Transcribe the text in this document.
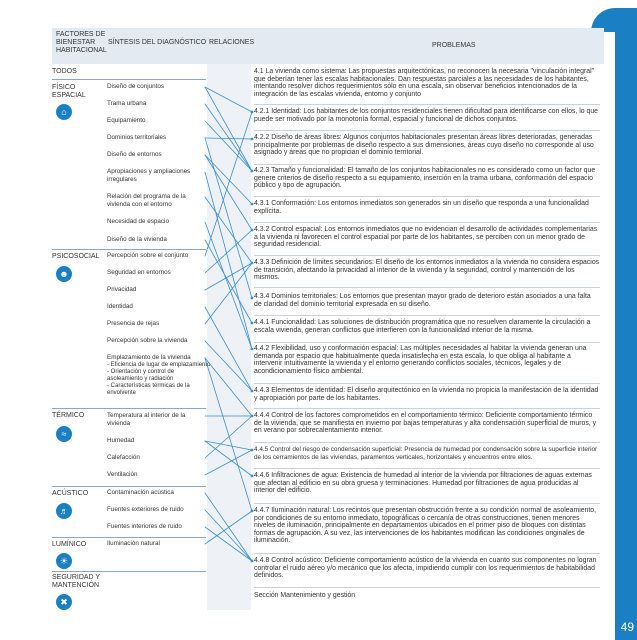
49
FACTORES DE
BIENESTAR
HABITACIONAL
SÍNTESIS DEL DIAGNÓSTICO RELACIONES	PROBLEMAS
TODOS
FÍSICO
ESPACIAL
⌂
PSICOSOCIAL
☻
TÉRMICO
≈
ACÚSTICO
♬
LUMÍNICO
☀
SEGURIDAD Y
MANTENCIÓN
✖
Diseño de conjuntos
Trama urbana
Equipamiento
Dominios territoriales
Diseño de entornos
Apropiaciones y ampliaciones irregulares
Relación del programa de la vivienda con el entorno
Necesidad de espacio
Diseño de la vivienda
Percepción sobre el conjunto
Seguridad en entornos
Privacidad
Identidad
Presencia de rejas
Percepción sobre la vivienda
Emplazamiento de la vivienda
- Eficiencia de lugar de emplazamiento
- Orientación y control de asoleamiento y radiación
- Características térmicas de la envolvente
Temperatura al interior de la vivienda
Humedad
Calefacción
Ventilación
Contaminación acústica
Fuentes exteriores de ruido
Fuentes interiores de ruido
Iluminación natural
4.1 La vivienda como sistema: Las propuestas arquitectónicas, no reconocen la necesaria "vinculación integral" que deberían tener las escalas habitacionales. Dan respuestas parciales a las necesidades de los habitantes, intentando resolver dichos requerimientos sólo en una escala, sin observar beneficios intencionados de la integración de las escalas vivienda, entorno y conjunto
4.2.1 Identidad: Los habitantes de los conjuntos residenciales tienen dificultad para identificarse con ellos, lo que puede ser motivado por la monotonía formal, espacial y funcional de dichos conjuntos.
4.2.2 Diseño de áreas libres: Algunos conjuntos habitacionales presentan áreas libres deterioradas, generadas principalmente por problemas de diseño respecto a sus dimensiones, áreas cuyo diseño no corresponde al uso asignado y áreas que no propician el dominio territorial.
4.2.3 Tamaño y funcionalidad: El tamaño de los conjuntos habitacionales no es considerado como un factor que genere criterios de diseño respecto a su equipamiento, inserción en la trama urbana, conformación del espacio público y tipo de agrupación.
4.3.1 Conformación: Los entornos inmediatos son generados sin un diseño que responda a una funcionalidad explícita.
4.3.2 Control espacial: Los entornos inmediatos que no evidencian el desarrollo de actividades complementarias a la vivienda ni favorecen el control espacial por parte de los habitantes, se perciben con un menor grado de seguridad residencial.
4.3.3 Definición de límites secundarios: El diseño de los entornos inmediatos a la vivienda no considera espacios de transición, afectando la privacidad al interior de la vivienda y la seguridad, control y mantención de los mismos.
4.3.4 Dominios territoriales: Los entornos que presentan mayor grado de deterioro están asociados a una falta de claridad del dominio territorial expresada en su diseño.
4.4.1 Funcionalidad: Las soluciones de distribución programática que no resuelven claramente la circulación a escala vivienda, generan conflictos que interfieren con la funcionalidad interior de la misma.
4.4.2 Flexibilidad, uso y conformación espacial: Las múltiples necesidades al habitar la vivienda generan una demanda por espacio que habitualmente queda insatisfecha en esta escala, lo que obliga al habitante a intervenir intuitivamente la vivienda y el entorno generando conflictos sociales, técnicos, legales y de acondicionamiento físico ambiental.
4.4.3 Elementos de identidad: El diseño arquitectónico en la vivienda no propicia la manifestación de la identidad y apropiación por parte de los habitantes.
4.4.4 Control de los factores comprometidos en el comportamiento térmico: Deficiente comportamiento térmico de la vivienda, que se manifiesta en invierno por bajas temperaturas y alta condensación superficial de muros, y en verano por sobrecalentamiento interior.
4.4.5 Control del riesgo de condensación superficial: Presencia de humedad por condensación sobre la superficie interior de los cerramientos de las viviendas, paramentos verticales, horizontales y encuentros entre ellos.
4.4.6 Infiltraciones de agua: Existencia de humedad al interior de la vivienda por filtraciones de aguas externas que afectan al edificio en su obra gruesa y terminaciones. Humedad por filtraciones de agua producidas al interior del edificio.
4.4.7 Iluminación natural: Los recintos que presentan obstrucción frente a su condición normal de asoleamiento, por condiciones de su entorno inmediato, topográficas o cercanía de otras construcciones, tienen menores niveles de iluminación, principalmente en departamentos ubicados en el primer piso de bloques con distintas formas de agrupación. A su vez, las intervenciones de los habitantes modifican las condiciones originales de iluminación.
4.4.8 Control acústico: Deficiente comportamiento acústico de la vivienda en cuanto sus componentes no logran controlar el ruido aéreo y/o mecánico que los afecta, impidiendo cumplir con los requerimientos de habitabilidad definidos.
Sección Mantenimiento y gestión
